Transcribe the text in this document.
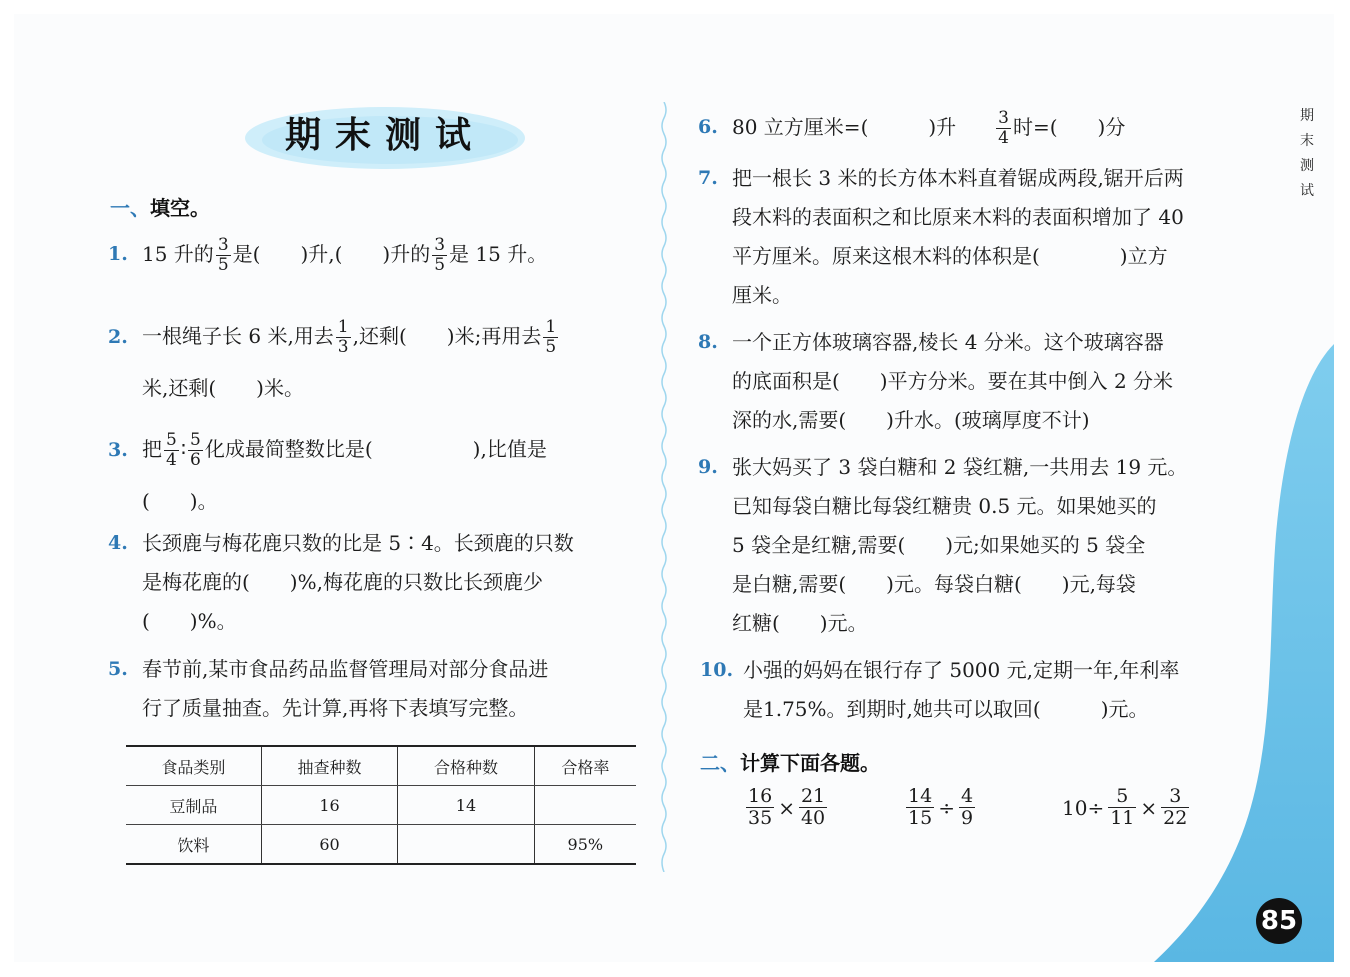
期末测试	期
末
测
试
一、填空。
1. 15 升的 $\frac{3}{5}$ 是(　　)升,(　　)升的 $\frac{3}{5}$ 是 15 升。
2. 一根绳子长 6 米,用去 $\frac{1}{3}$ ,还剩(　　)米;再用去 $\frac{1}{5}$
米,还剩(　　)米。
3. 把 $\frac{5}{4}$ ∶ $\frac{5}{6}$ 化成最简整数比是(　　　　　),比值是
(　　)。
4. 长颈鹿与梅花鹿只数的比是 5∶4。长颈鹿的只数
是梅花鹿的(　　)%,梅花鹿的只数比长颈鹿少
(　　)%。
5. 春节前,某市食品药品监督管理局对部分食品进
行了质量抽查。先计算,再将下表填写完整。
食品类别	抽查种数	合格种数	合格率
豆制品	16	14	
饮料	60		95%
6. 80 立方厘米=(　　　)升 $\frac{3}{4}$ 时=(　　)分
7. 把一根长 3 米的长方体木料直着锯成两段,锯开后两
段木料的表面积之和比原来木料的表面积增加了 40
平方厘米。原来这根木料的体积是(　　　　)立方
厘米。
8. 一个正方体玻璃容器,棱长 4 分米。这个玻璃容器
的底面积是(　　)平方分米。要在其中倒入 2 分米
深的水,需要(　　)升水。(玻璃厚度不计)
9. 张大妈买了 3 袋白糖和 2 袋红糖,一共用去 19 元。
已知每袋白糖比每袋红糖贵 0.5 元。如果她买的
5 袋全是红糖,需要(　　)元;如果她买的 5 袋全
是白糖,需要(　　)元。每袋白糖(　　)元,每袋
红糖(　　)元。
10. 小强的妈妈在银行存了 5000 元,定期一年,年利率
是1.75%。到期时,她共可以取回(　　　)元。
二、计算下面各题。
$\frac{16}{35} \times \frac{21}{40}$	$\frac{14}{15} \div \frac{4}{9}$	$10\div \frac{5}{11} \times \frac{3}{22}$
85
